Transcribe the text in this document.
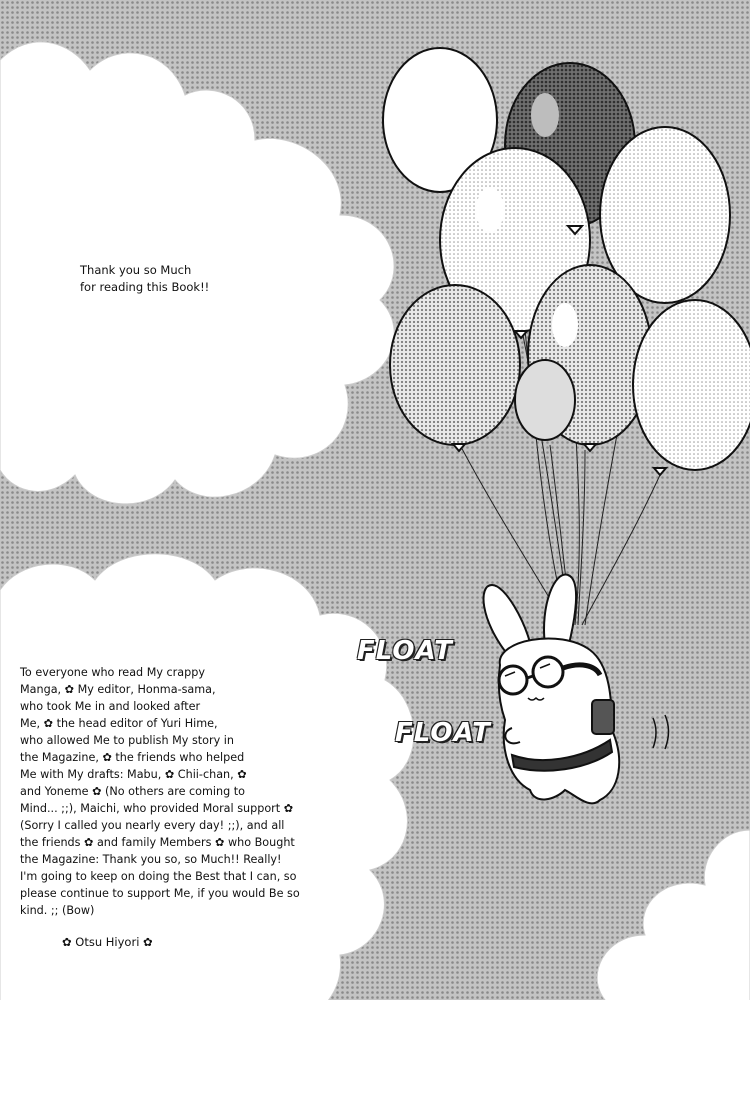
Thank you so Much
for reading this Book!!
FLOAT
FLOAT
To everyone who read My crappy
Manga, ✿ My editor, Honma-sama,
who took Me in and looked after
Me, ✿ the head editor of Yuri Hime,
who allowed Me to publish My story in
the Magazine, ✿ the friends who helped
Me with My drafts: Mabu, ✿ Chii-chan, ✿
and Yoneme ✿ (No others are coming to
Mind... ;;), Maichi, who provided Moral support ✿
(Sorry I called you nearly every day! ;;), and all
the friends ✿ and family Members ✿ who Bought
the Magazine: Thank you so, so Much!! Really!
I'm going to keep on doing the Best that I can, so
please continue to support Me, if you would Be so
kind. ;; (Bow)
✿ Otsu Hiyori ✿
